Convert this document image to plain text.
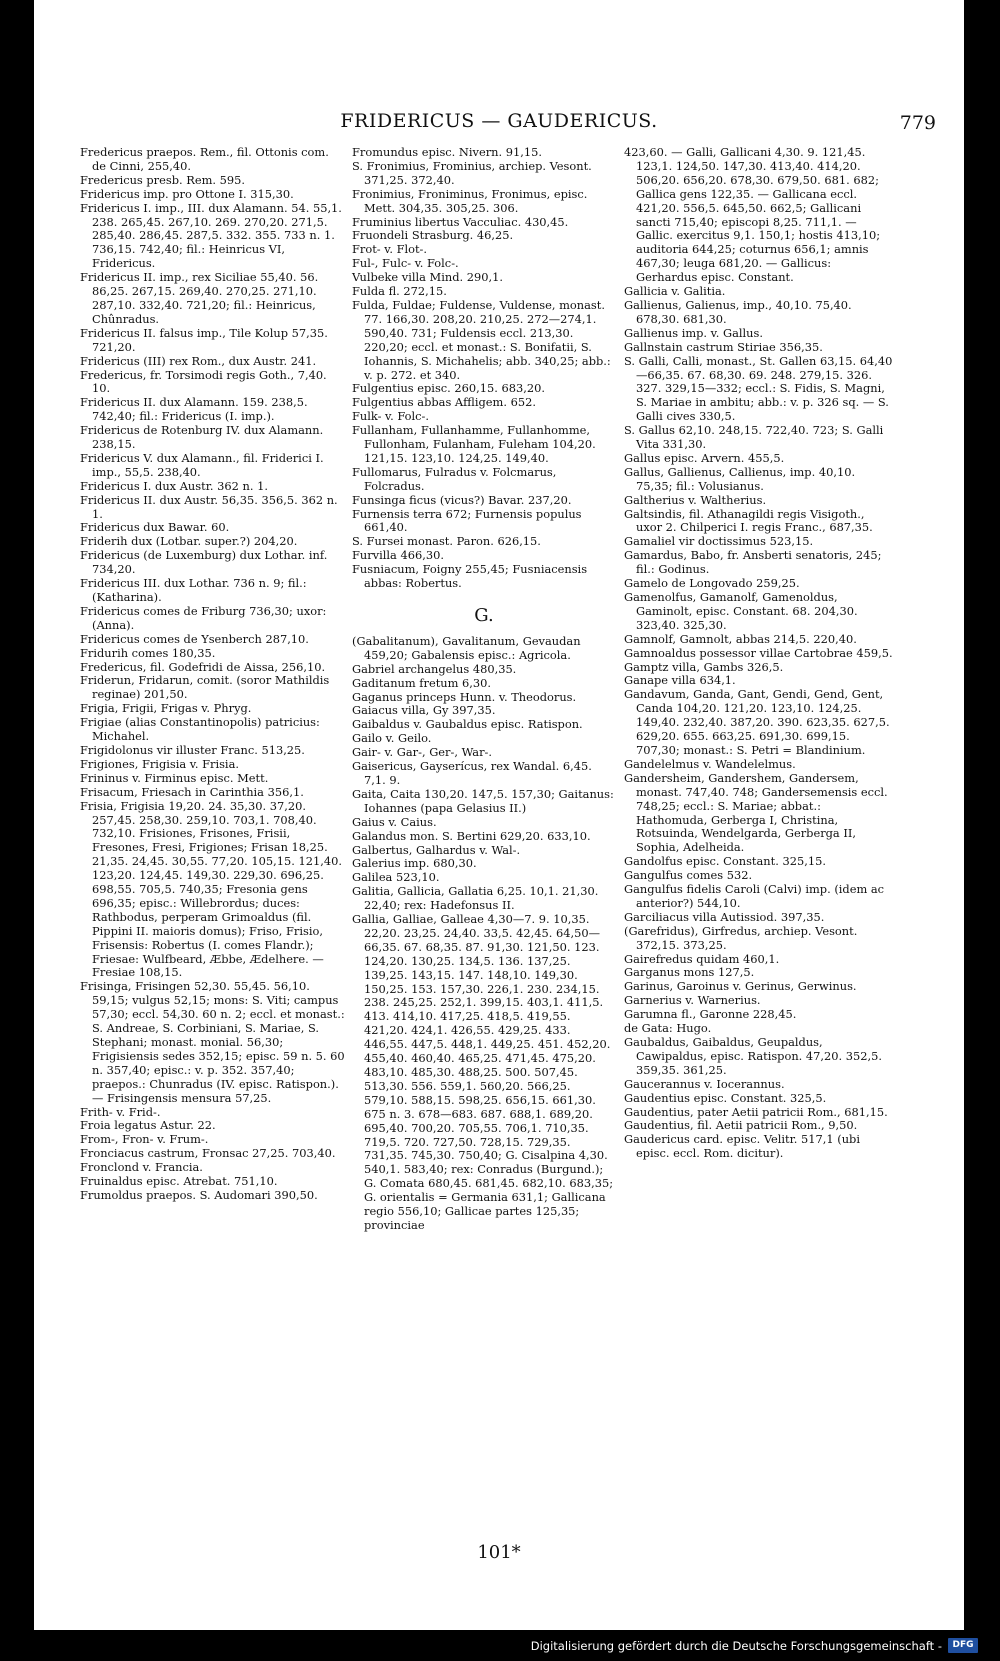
FRIDERICUS — GAUDERICUS.	779
Fredericus praepos. Rem., fil. Ottonis com. de Cinni, 255,40.
Fredericus presb. Rem. 595.
Fridericus imp. pro Ottone I. 315,30.
Fridericus I. imp., III. dux Alamann. 54. 55,1. 238. 265,45. 267,10. 269. 270,20. 271,5. 285,40. 286,45. 287,5. 332. 355. 733 n. 1. 736,15. 742,40; fil.: Heinricus VI, Fridericus.
Fridericus II. imp., rex Siciliae 55,40. 56. 86,25. 267,15. 269,40. 270,25. 271,10. 287,10. 332,40. 721,20; fil.: Heinricus, Chûnradus.
Fridericus II. falsus imp., Tile Kolup 57,35. 721,20.
Fridericus (III) rex Rom., dux Austr. 241.
Fredericus, fr. Torsimodi regis Goth., 7,40. 10.
Fridericus II. dux Alamann. 159. 238,5. 742,40; fil.: Fridericus (I. imp.).
Fridericus de Rotenburg IV. dux Alamann. 238,15.
Fridericus V. dux Alamann., fil. Friderici I. imp., 55,5. 238,40.
Fridericus I. dux Austr. 362 n. 1.
Fridericus II. dux Austr. 56,35. 356,5. 362 n. 1.
Fridericus dux Bawar. 60.
Friderih dux (Lotbar. super.?) 204,20.
Fridericus (de Luxemburg) dux Lothar. inf. 734,20.
Fridericus III. dux Lothar. 736 n. 9; fil.: (Katharina).
Fridericus comes de Friburg 736,30; uxor: (Anna).
Fridericus comes de Ysenberch 287,10.
Fridurih comes 180,35.
Fredericus, fil. Godefridi de Aissa, 256,10.
Friderun, Fridarun, comit. (soror Mathildis reginae) 201,50.
Frigia, Frigii, Frigas v. Phryg.
Frigiae (alias Constantinopolis) patricius: Michahel.
Frigidolonus vir illuster Franc. 513,25.
Frigiones, Frigisia v. Frisia.
Frininus v. Firminus episc. Mett.
Frisacum, Friesach in Carinthia 356,1.
Frisia, Frigisia 19,20. 24. 35,30. 37,20. 257,45. 258,30. 259,10. 703,1. 708,40. 732,10. Frisiones, Frisones, Frisii, Fresones, Fresi, Frigiones; Frisan 18,25. 21,35. 24,45. 30,55. 77,20. 105,15. 121,40. 123,20. 124,45. 149,30. 229,30. 696,25. 698,55. 705,5. 740,35; Fresonia gens 696,35; episc.: Willebrordus; duces: Rathbodus, perperam Grimoaldus (fil. Pippini II. maioris domus); Friso, Frisio, Frisensis: Robertus (I. comes Flandr.); Friesae: Wulfbeard, Æbbe, Ædelhere. — Fresiae 108,15.
Frisinga, Frisingen 52,30. 55,45. 56,10. 59,15; vulgus 52,15; mons: S. Viti; campus 57,30; eccl. 54,30. 60 n. 2; eccl. et monast.: S. Andreae, S. Corbiniani, S. Mariae, S. Stephani; monast. monial. 56,30; Frigisiensis sedes 352,15; episc. 59 n. 5. 60 n. 357,40; episc.: v. p. 352. 357,40; praepos.: Chunradus (IV. episc. Ratispon.). — Frisingensis mensura 57,25.
Frith- v. Frid-.
Froia legatus Astur. 22.
From-, Fron- v. Frum-.
Fronciacus castrum, Fronsac 27,25. 703,40.
Fronclond v. Francia.
Fruinaldus episc. Atrebat. 751,10.
Frumoldus praepos. S. Audomari 390,50.
Fromundus episc. Nivern. 91,15.
S. Fronimius, Frominius, archiep. Vesont. 371,25. 372,40.
Fronimius, Froniminus, Fronimus, episc. Mett. 304,35. 305,25. 306.
Fruminius libertus Vacculiac. 430,45.
Fruondeli Strasburg. 46,25.
Frot- v. Flot-.
Ful-, Fulc- v. Folc-.
Vulbeke villa Mind. 290,1.
Fulda fl. 272,15.
Fulda, Fuldae; Fuldense, Vuldense, monast. 77. 166,30. 208,20. 210,25. 272—274,1. 590,40. 731; Fuldensis eccl. 213,30. 220,20; eccl. et monast.: S. Bonifatii, S. Iohannis, S. Michahelis; abb. 340,25; abb.: v. p. 272. et 340.
Fulgentius episc. 260,15. 683,20.
Fulgentius abbas Affligem. 652.
Fulk- v. Folc-.
Fullanham, Fullanhamme, Fullanhomme, Fullonham, Fulanham, Fuleham 104,20. 121,15. 123,10. 124,25. 149,40.
Fullomarus, Fulradus v. Folcmarus, Folcradus.
Funsinga ficus (vicus?) Bavar. 237,20.
Furnensis terra 672; Furnensis populus 661,40.
S. Fursei monast. Paron. 626,15.
Furvilla 466,30.
Fusniacum, Foigny 255,45; Fusniacensis abbas: Robertus.
G.
(Gabalitanum), Gavalitanum, Gevaudan 459,20; Gabalensis episc.: Agricola.
Gabriel archangelus 480,35.
Gaditanum fretum 6,30.
Gaganus princeps Hunn. v. Theodorus.
Gaiacus villa, Gy 397,35.
Gaibaldus v. Gaubaldus episc. Ratispon.
Gailo v. Geilo.
Gair- v. Gar-, Ger-, War-.
Gaisericus, Gayserícus, rex Wandal. 6,45. 7,1. 9.
Gaita, Caita 130,20. 147,5. 157,30; Gaitanus: Iohannes (papa Gelasius II.)
Gaius v. Caius.
Galandus mon. S. Bertini 629,20. 633,10.
Galbertus, Galhardus v. Wal-.
Galerius imp. 680,30.
Galilea 523,10.
Galitia, Gallicia, Gallatia 6,25. 10,1. 21,30. 22,40; rex: Hadefonsus II.
Gallia, Galliae, Galleae 4,30—7. 9. 10,35. 22,20. 23,25. 24,40. 33,5. 42,45. 64,50—66,35. 67. 68,35. 87. 91,30. 121,50. 123. 124,20. 130,25. 134,5. 136. 137,25. 139,25. 143,15. 147. 148,10. 149,30. 150,25. 153. 157,30. 226,1. 230. 234,15. 238. 245,25. 252,1. 399,15. 403,1. 411,5. 413. 414,10. 417,25. 418,5. 419,55. 421,20. 424,1. 426,55. 429,25. 433. 446,55. 447,5. 448,1. 449,25. 451. 452,20. 455,40. 460,40. 465,25. 471,45. 475,20. 483,10. 485,30. 488,25. 500. 507,45. 513,30. 556. 559,1. 560,20. 566,25. 579,10. 588,15. 598,25. 656,15. 661,30. 675 n. 3. 678—683. 687. 688,1. 689,20. 695,40. 700,20. 705,55. 706,1. 710,35. 719,5. 720. 727,50. 728,15. 729,35. 731,35. 745,30. 750,40; G. Cisalpina 4,30. 540,1. 583,40; rex: Conradus (Burgund.); G. Comata 680,45. 681,45. 682,10. 683,35; G. orientalis = Germania 631,1; Gallicana regio 556,10; Gallicae partes 125,35; provinciae
423,60. — Galli, Gallicani 4,30. 9. 121,45. 123,1. 124,50. 147,30. 413,40. 414,20. 506,20. 656,20. 678,30. 679,50. 681. 682; Gallica gens 122,35. — Gallicana eccl. 421,20. 556,5. 645,50. 662,5; Gallicani sancti 715,40; episcopi 8,25. 711,1. — Gallic. exercitus 9,1. 150,1; hostis 413,10; auditoria 644,25; coturnus 656,1; amnis 467,30; leuga 681,20. — Gallicus: Gerhardus episc. Constant.
Gallicia v. Galitia.
Gallienus, Galienus, imp., 40,10. 75,40. 678,30. 681,30.
Gallienus imp. v. Gallus.
Gallnstain castrum Stiriae 356,35.
S. Galli, Calli, monast., St. Gallen 63,15. 64,40—66,35. 67. 68,30. 69. 248. 279,15. 326. 327. 329,15—332; eccl.: S. Fidis, S. Magni, S. Mariae in ambitu; abb.: v. p. 326 sq. — S. Galli cives 330,5.
S. Gallus 62,10. 248,15. 722,40. 723; S. Galli Vita 331,30.
Gallus episc. Arvern. 455,5.
Gallus, Gallienus, Callienus, imp. 40,10. 75,35; fil.: Volusianus.
Galtherius v. Waltherius.
Galtsindis, fil. Athanagildi regis Visigoth., uxor 2. Chilperici I. regis Franc., 687,35.
Gamaliel vir doctissimus 523,15.
Gamardus, Babo, fr. Ansberti senatoris, 245; fil.: Godinus.
Gamelo de Longovado 259,25.
Gamenolfus, Gamanolf, Gamenoldus, Gaminolt, episc. Constant. 68. 204,30. 323,40. 325,30.
Gamnolf, Gamnolt, abbas 214,5. 220,40.
Gamnoaldus possessor villae Cartobrae 459,5.
Gamptz villa, Gambs 326,5.
Ganape villa 634,1.
Gandavum, Ganda, Gant, Gendi, Gend, Gent, Canda 104,20. 121,20. 123,10. 124,25. 149,40. 232,40. 387,20. 390. 623,35. 627,5. 629,20. 655. 663,25. 691,30. 699,15. 707,30; monast.: S. Petri = Blandinium.
Gandelelmus v. Wandelelmus.
Gandersheim, Gandershem, Gandersem, monast. 747,40. 748; Gandersemensis eccl. 748,25; eccl.: S. Mariae; abbat.: Hathomuda, Gerberga I, Christina, Rotsuinda, Wendelgarda, Gerberga II, Sophia, Adelheida.
Gandolfus episc. Constant. 325,15.
Gangulfus comes 532.
Gangulfus fidelis Caroli (Calvi) imp. (idem ac anterior?) 544,10.
Garciliacus villa Autissiod. 397,35.
(Garefridus), Girfredus, archiep. Vesont. 372,15. 373,25.
Gairefredus quidam 460,1.
Garganus mons 127,5.
Garinus, Garoinus v. Gerinus, Gerwinus.
Garnerius v. Warnerius.
Garumna fl., Garonne 228,45.
de Gata: Hugo.
Gaubaldus, Gaibaldus, Geupaldus, Cawipaldus, episc. Ratispon. 47,20. 352,5. 359,35. 361,25.
Gaucerannus v. Iocerannus.
Gaudentius episc. Constant. 325,5.
Gaudentius, pater Aetii patricii Rom., 681,15.
Gaudentius, fil. Aetii patricii Rom., 9,50.
Gaudericus card. episc. Velitr. 517,1 (ubi episc. eccl. Rom. dicitur).
101*
Digitalisierung gefördert durch die Deutsche Forschungsgemeinschaft -	DFG
